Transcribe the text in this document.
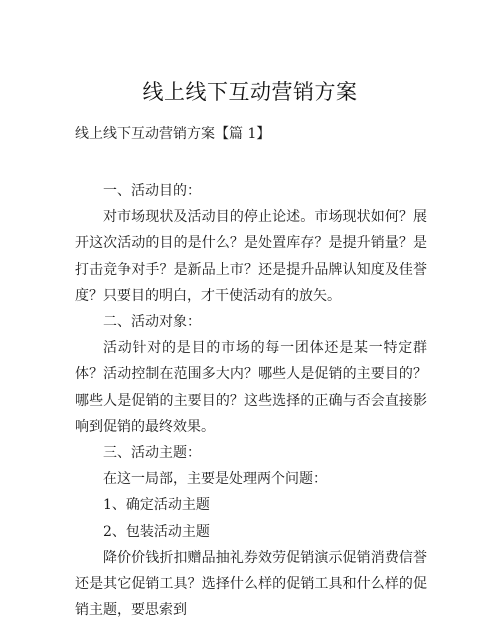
线上线下互动营销方案
线上线下互动营销方案【篇 1】

一、活动目的：

对市场现状及活动目的停止论述。市场现状如何？展开这次活动的目的是什么？是处置库存？是提升销量？是打击竞争对手？是新品上市？还是提升品牌认知度及佳誉度？只要目的明白，才干使活动有的放矢。

二、活动对象：

活动针对的是目的市场的每一团体还是某一特定群体？活动控制在范围多大内？哪些人是促销的主要目的？哪些人是促销的主要目的？这些选择的正确与否会直接影响到促销的最终效果。

三、活动主题：

在这一局部，主要是处理两个问题：

1、确定活动主题

2、包装活动主题

降价价钱折扣赠品抽礼券效劳促销演示促销消费信誉还是其它促销工具？选择什么样的促销工具和什么样的促销主题，要思索到
